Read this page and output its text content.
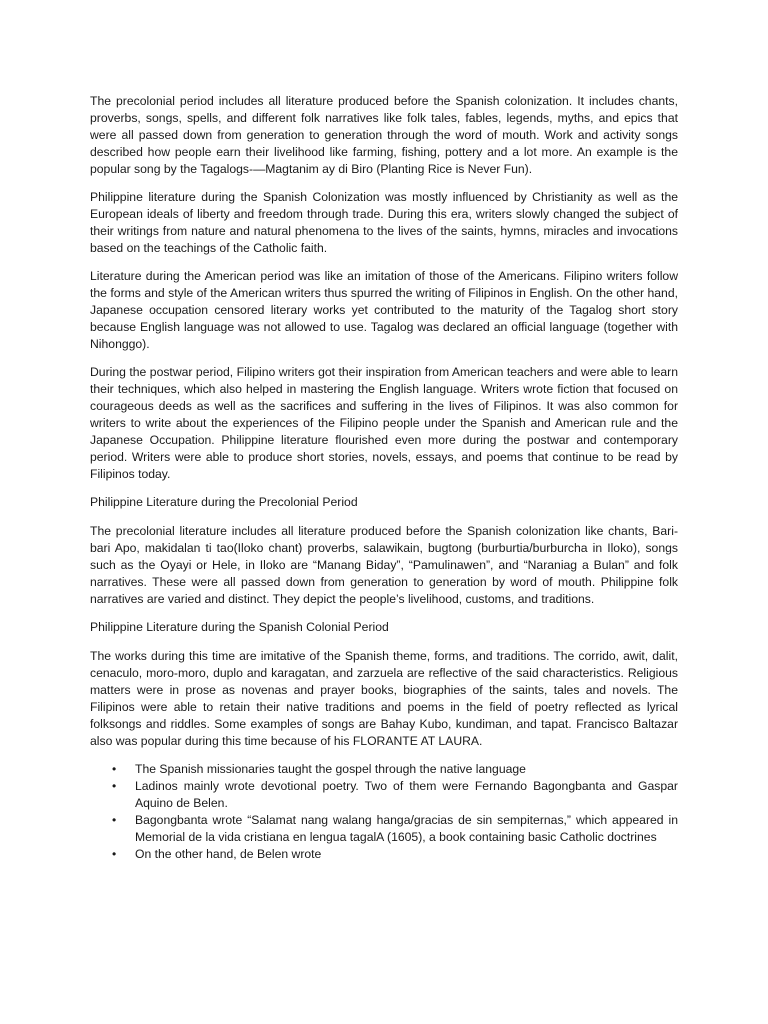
The precolonial period includes all literature produced before the Spanish colonization. It includes chants, proverbs, songs, spells, and different folk narratives like folk tales, fables, legends, myths, and epics that were all passed down from generation to generation through the word of mouth. Work and activity songs described how people earn their livelihood like farming, fishing, pottery and a lot more. An example is the popular song by the Tagalogs-—Magtanim ay di Biro (Planting Rice is Never Fun).

Philippine literature during the Spanish Colonization was mostly influenced by Christianity as well as the European ideals of liberty and freedom through trade. During this era, writers slowly changed the subject of their writings from nature and natural phenomena to the lives of the saints, hymns, miracles and invocations based on the teachings of the Catholic faith.

Literature during the American period was like an imitation of those of the Americans. Filipino writers follow the forms and style of the American writers thus spurred the writing of Filipinos in English. On the other hand, Japanese occupation censored literary works yet contributed to the maturity of the Tagalog short story because English language was not allowed to use. Tagalog was declared an official language (together with Nihonggo).

During the postwar period, Filipino writers got their inspiration from American teachers and were able to learn their techniques, which also helped in mastering the English language. Writers wrote fiction that focused on courageous deeds as well as the sacrifices and suffering in the lives of Filipinos. It was also common for writers to write about the experiences of the Filipino people under the Spanish and American rule and the Japanese Occupation. Philippine literature flourished even more during the postwar and contemporary period. Writers were able to produce short stories, novels, essays, and poems that continue to be read by Filipinos today.

Philippine Literature during the Precolonial Period

The precolonial literature includes all literature produced before the Spanish colonization like chants, Bari-bari Apo, makidalan ti tao(Iloko chant) proverbs, salawikain, bugtong (burburtia/burburcha in Iloko), songs such as the Oyayi or Hele, in Iloko are “Manang Biday”, “Pamulinawen”, and “Naraniag a Bulan” and folk narratives. These were all passed down from generation to generation by word of mouth. Philippine folk narratives are varied and distinct. They depict the people’s livelihood, customs, and traditions.

Philippine Literature during the Spanish Colonial Period

The works during this time are imitative of the Spanish theme, forms, and traditions. The corrido, awit, dalit, cenaculo, moro-moro, duplo and karagatan, and zarzuela are reflective of the said characteristics. Religious matters were in prose as novenas and prayer books, biographies of the saints, tales and novels. The Filipinos were able to retain their native traditions and poems in the field of poetry reflected as lyrical folksongs and riddles. Some examples of songs are Bahay Kubo, kundiman, and tapat. Francisco Baltazar also was popular during this time because of his FLORANTE AT LAURA.

• The Spanish missionaries taught the gospel through the native language
• Ladinos mainly wrote devotional poetry. Two of them were Fernando Bagongbanta and Gaspar Aquino de Belen.
• Bagongbanta wrote “Salamat nang walang hanga/gracias de sin sempiternas,” which appeared in Memorial de la vida cristiana en lengua tagalA (1605), a book containing basic Catholic doctrines
• On the other hand, de Belen wrote
